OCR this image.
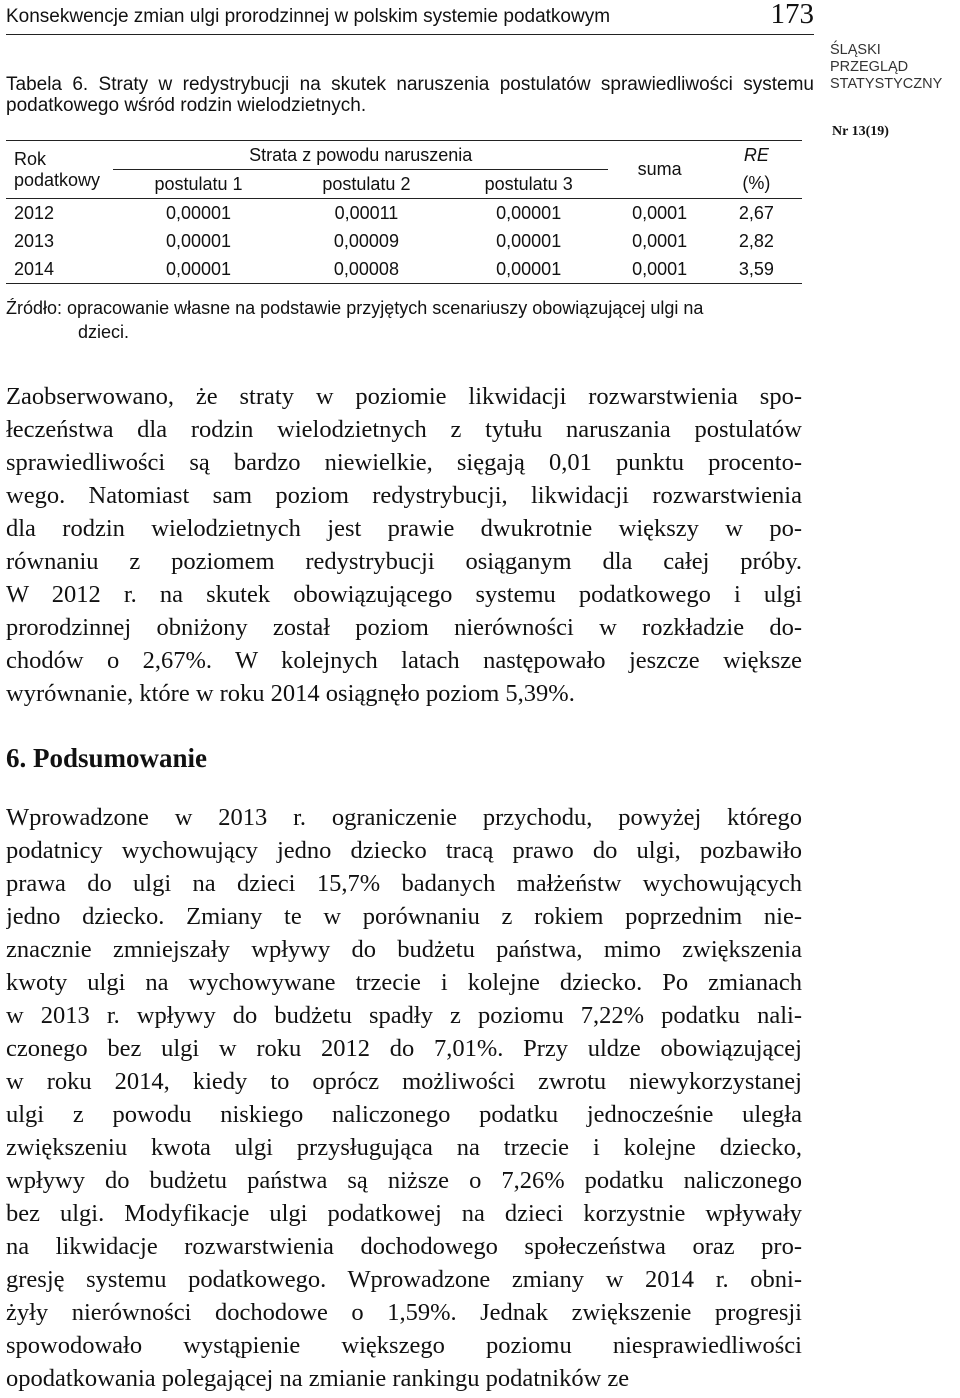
Konsekwencje zmian ulgi prorodzinnej w polskim systemie podatkowym	173
ŚLĄSKI
PRZEGLĄD
STATYSTYCZNY
Nr 13(19)
Tabela 6. Straty w redystrybucji na skutek naruszenia postulatów sprawiedliwości systemu podatkowego wśród rodzin wielodzietnych.
Rok podatkowy	Strata z powodu naruszenia			suma	RE
	postulatu 1	postulatu 2	postulatu 3		(%)
2012	0,00001	0,00011	0,00001	0,0001	2,67
2013	0,00001	0,00009	0,00001	0,0001	2,82
2014	0,00001	0,00008	0,00001	0,0001	3,59
Źródło: opracowanie własne na podstawie przyjętych scenariuszy obowiązującej ulgi na
dzieci.
Zaobserwowano, że straty w poziomie likwidacji rozwarstwienia spo-
łeczeństwa dla rodzin wielodzietnych z tytułu naruszania postulatów
sprawiedliwości są bardzo niewielkie, sięgają 0,01 punktu procento-
wego. Natomiast sam poziom redystrybucji, likwidacji rozwarstwienia
dla rodzin wielodzietnych jest prawie dwukrotnie większy w po-
równaniu z poziomem redystrybucji osiąganym dla całej próby.
W 2012 r. na skutek obowiązującego systemu podatkowego i ulgi
prorodzinnej obniżony został poziom nierówności w rozkładzie do-
chodów o 2,67%. W kolejnych latach następowało jeszcze większe
wyrównanie, które w roku 2014 osiągnęło poziom 5,39%.
6. Podsumowanie
Wprowadzone w 2013 r. ograniczenie przychodu, powyżej którego
podatnicy wychowujący jedno dziecko tracą prawo do ulgi, pozbawiło
prawa do ulgi na dzieci 15,7% badanych małżeństw wychowujących
jedno dziecko. Zmiany te w porównaniu z rokiem poprzednim nie-
znacznie zmniejszały wpływy do budżetu państwa, mimo zwiększenia
kwoty ulgi na wychowywane trzecie i kolejne dziecko. Po zmianach
w 2013 r. wpływy do budżetu spadły z poziomu 7,22% podatku nali-
czonego bez ulgi w roku 2012 do 7,01%. Przy uldze obowiązującej
w roku 2014, kiedy to oprócz możliwości zwrotu niewykorzystanej
ulgi z powodu niskiego naliczonego podatku jednocześnie uległa
zwiększeniu kwota ulgi przysługująca na trzecie i kolejne dziecko,
wpływy do budżetu państwa są niższe o 7,26% podatku naliczonego
bez ulgi. Modyfikacje ulgi podatkowej na dzieci korzystnie wpływały
na likwidacje rozwarstwienia dochodowego społeczeństwa oraz pro-
gresję systemu podatkowego. Wprowadzone zmiany w 2014 r. obni-
żyły nierówności dochodowe o 1,59%. Jednak zwiększenie progresji
spowodowało wystąpienie większego poziomu niesprawiedliwości
opodatkowania polegającej na zmianie rankingu podatników ze
